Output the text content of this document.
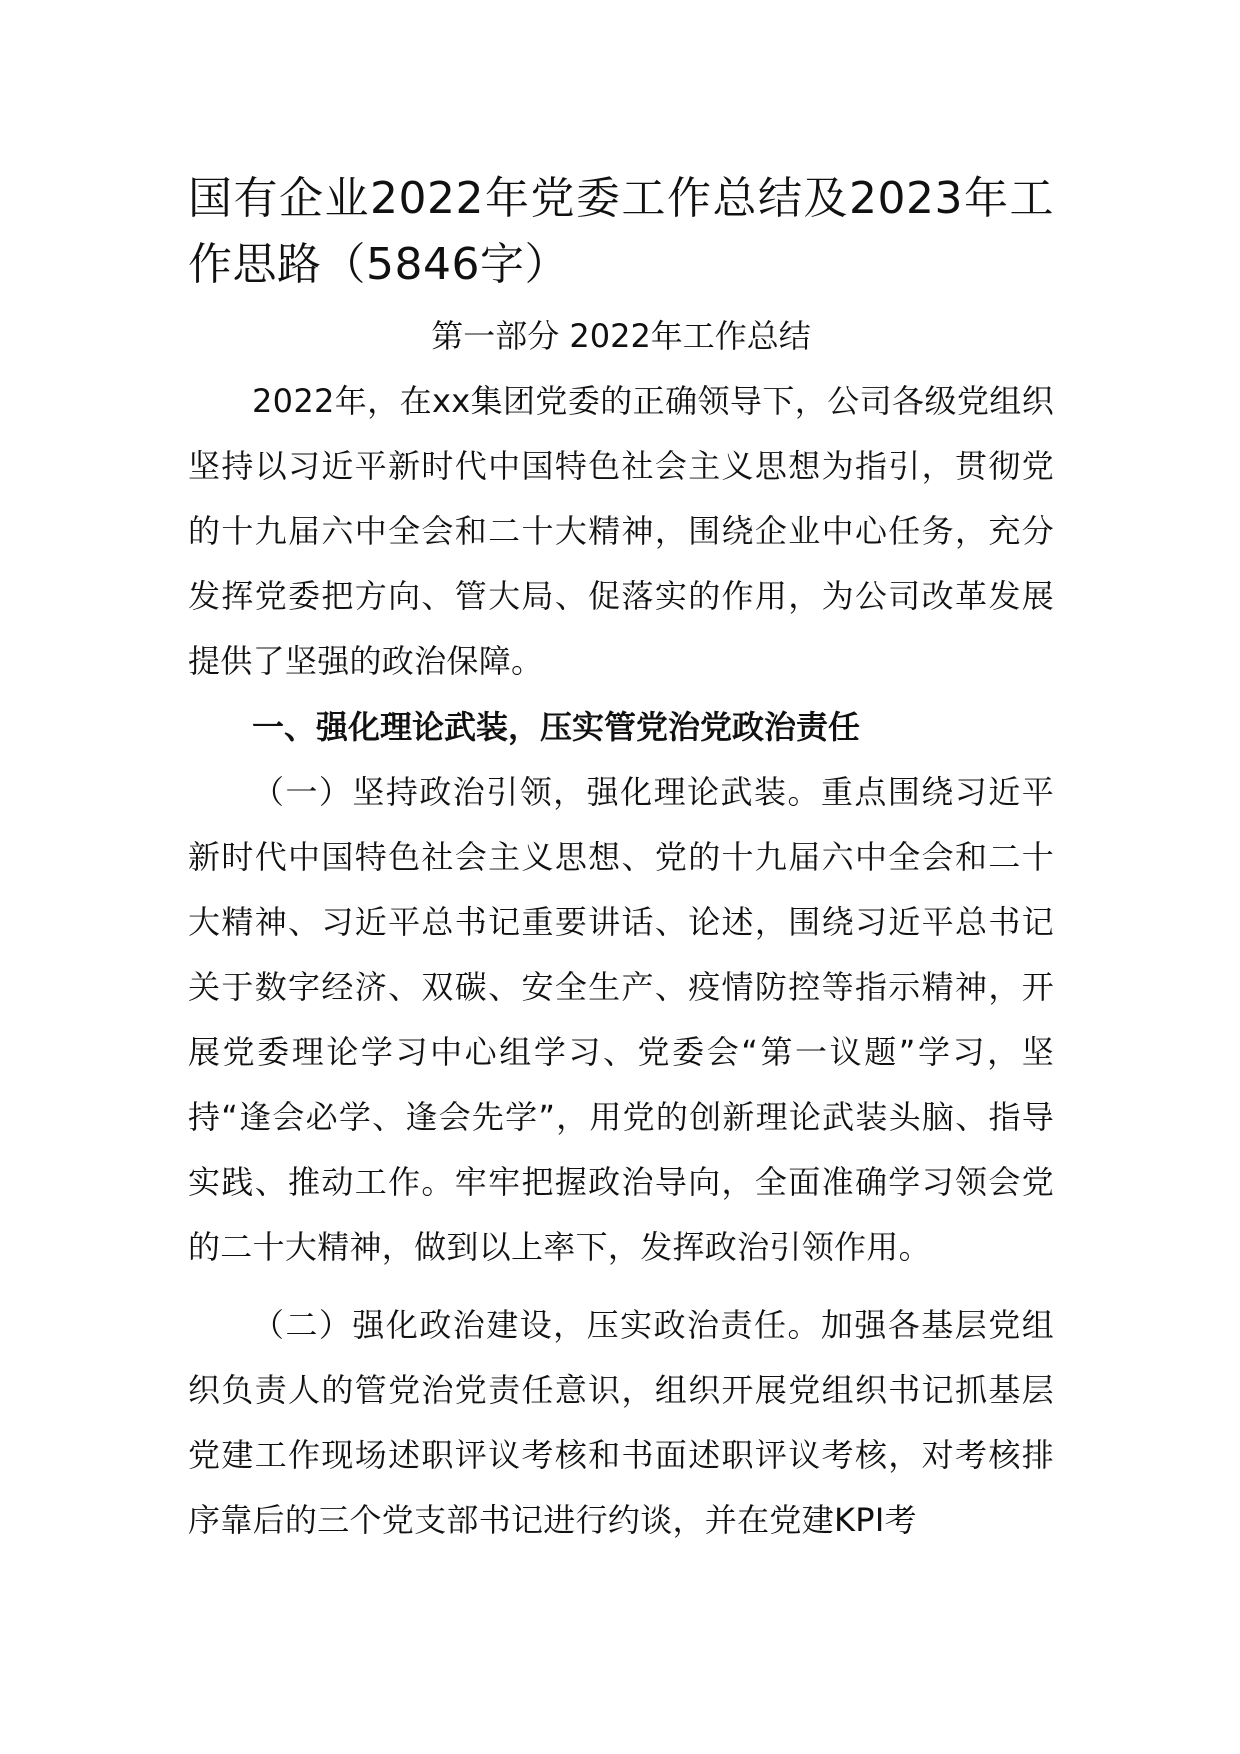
国有企业2022年党委工作总结及2023年工作思路（5846字）
第一部分 2022年工作总结

2022年，在xx集团党委的正确领导下，公司各级党组织坚持以习近平新时代中国特色社会主义思想为指引，贯彻党的十九届六中全会和二十大精神，围绕企业中心任务，充分发挥党委把方向、管大局、促落实的作用，为公司改革发展提供了坚强的政治保障。

一、强化理论武装，压实管党治党政治责任

（一）坚持政治引领，强化理论武装。重点围绕习近平新时代中国特色社会主义思想、党的十九届六中全会和二十大精神、习近平总书记重要讲话、论述，围绕习近平总书记关于数字经济、双碳、安全生产、疫情防控等指示精神，开展党委理论学习中心组学习、党委会“第一议题”学习，坚持“逢会必学、逢会先学”，用党的创新理论武装头脑、指导实践、推动工作。牢牢把握政治导向，全面准确学习领会党的二十大精神，做到以上率下，发挥政治引领作用。

（二）强化政治建设，压实政治责任。加强各基层党组织负责人的管党治党责任意识，组织开展党组织书记抓基层党建工作现场述职评议考核和书面述职评议考核，对考核排序靠后的三个党支部书记进行约谈，并在党建KPI考
